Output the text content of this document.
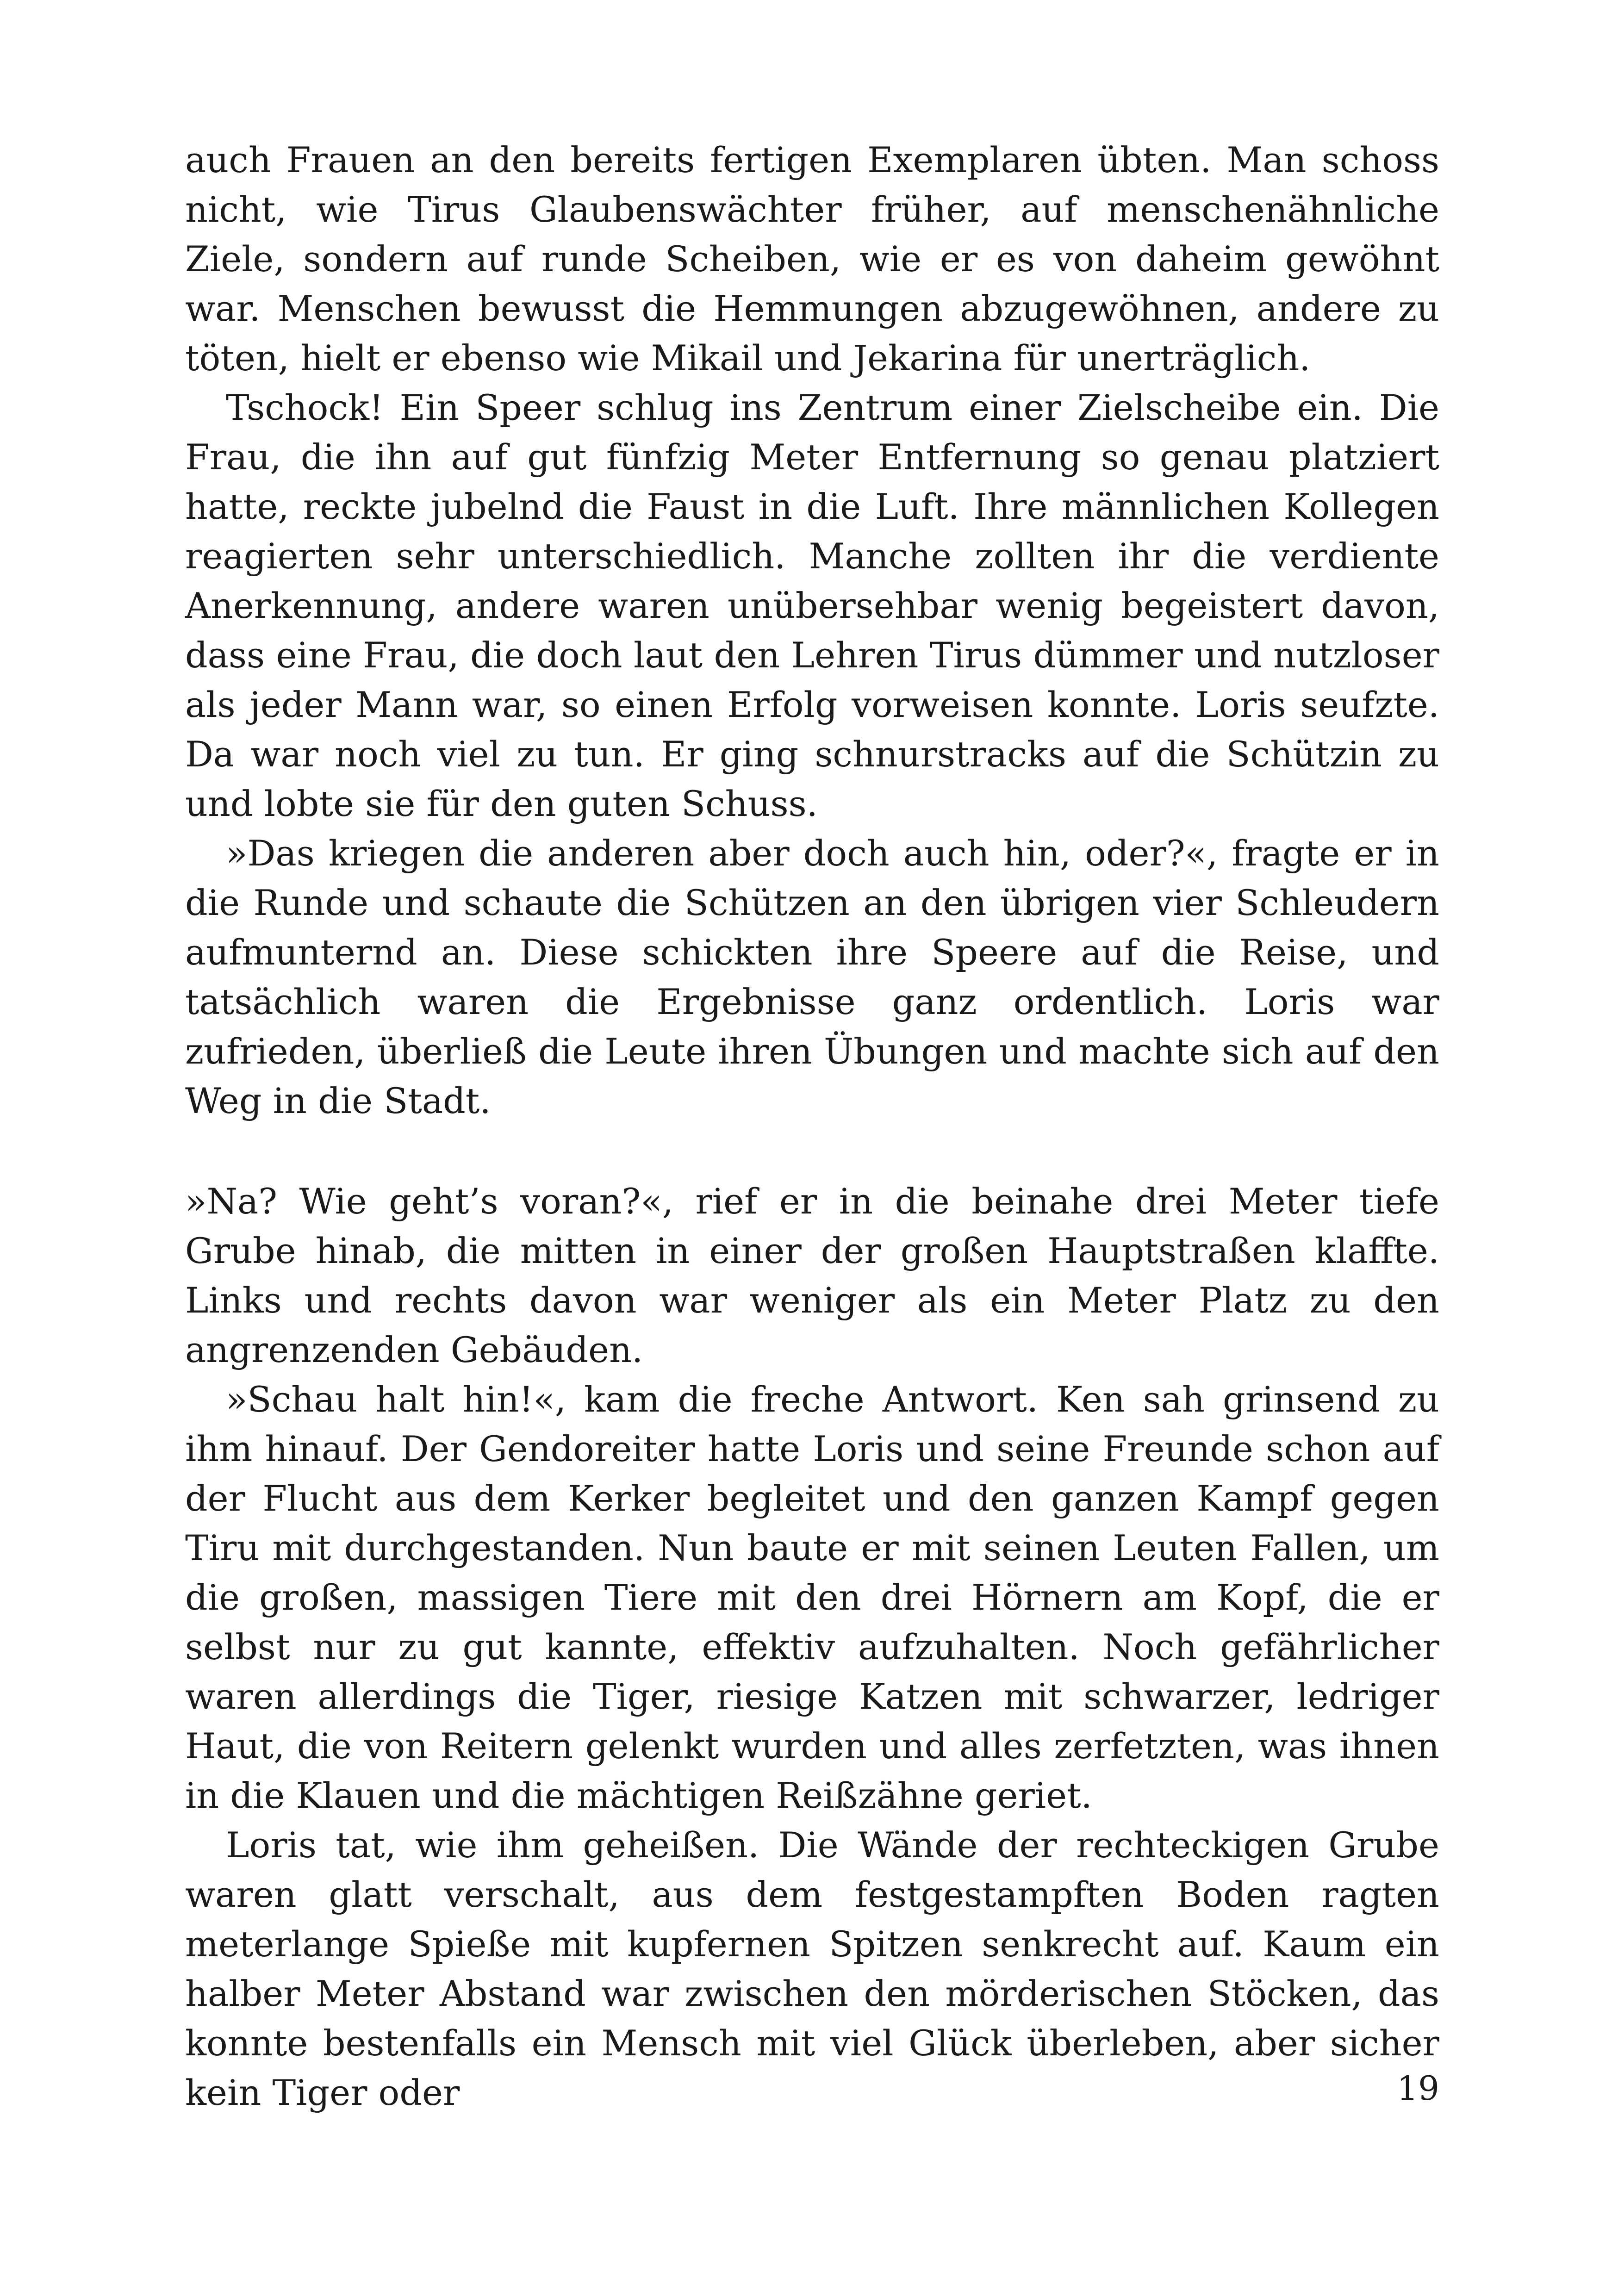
auch Frauen an den bereits fertigen Exemplaren übten. Man schoss nicht, wie Tirus Glaubenswächter früher, auf menschenähnliche Ziele, sondern auf runde Scheiben, wie er es von daheim gewöhnt war. Menschen bewusst die Hemmungen abzugewöhnen, andere zu töten, hielt er ebenso wie Mikail und Jekarina für unerträglich.

Tschock! Ein Speer schlug ins Zentrum einer Zielscheibe ein. Die Frau, die ihn auf gut fünfzig Meter Entfernung so genau platziert hatte, reckte jubelnd die Faust in die Luft. Ihre männlichen Kollegen reagierten sehr unterschiedlich. Manche zollten ihr die verdiente Anerkennung, andere waren unübersehbar wenig begeistert davon, dass eine Frau, die doch laut den Lehren Tirus dümmer und nutzloser als jeder Mann war, so einen Erfolg vorweisen konnte. Loris seufzte. Da war noch viel zu tun. Er ging schnurstracks auf die Schützin zu und lobte sie für den guten Schuss.

»Das kriegen die anderen aber doch auch hin, oder?«, fragte er in die Runde und schaute die Schützen an den übrigen vier Schleudern aufmunternd an. Diese schickten ihre Speere auf die Reise, und tatsächlich waren die Ergebnisse ganz ordentlich. Loris war zufrieden, überließ die Leute ihren Übungen und machte sich auf den Weg in die Stadt.

»Na? Wie geht’s voran?«, rief er in die beinahe drei Meter tiefe Grube hinab, die mitten in einer der großen Hauptstraßen klaffte. Links und rechts davon war weniger als ein Meter Platz zu den angrenzenden Gebäuden.

»Schau halt hin!«, kam die freche Antwort. Ken sah grinsend zu ihm hinauf. Der Gendoreiter hatte Loris und seine Freunde schon auf der Flucht aus dem Kerker begleitet und den ganzen Kampf gegen Tiru mit durchgestanden. Nun baute er mit seinen Leuten Fallen, um die großen, massigen Tiere mit den drei Hörnern am Kopf, die er selbst nur zu gut kannte, effektiv aufzuhalten. Noch gefährlicher waren allerdings die Tiger, riesige Katzen mit schwarzer, ledriger Haut, die von Reitern gelenkt wurden und alles zerfetzten, was ihnen in die Klauen und die mächtigen Reißzähne geriet.

Loris tat, wie ihm geheißen. Die Wände der rechteckigen Grube waren glatt verschalt, aus dem festgestampften Boden ragten meterlange Spieße mit kupfernen Spitzen senkrecht auf. Kaum ein halber Meter Abstand war zwischen den mörderischen Stöcken, das konnte bestenfalls ein Mensch mit viel Glück überleben, aber sicher kein Tiger oder	19
